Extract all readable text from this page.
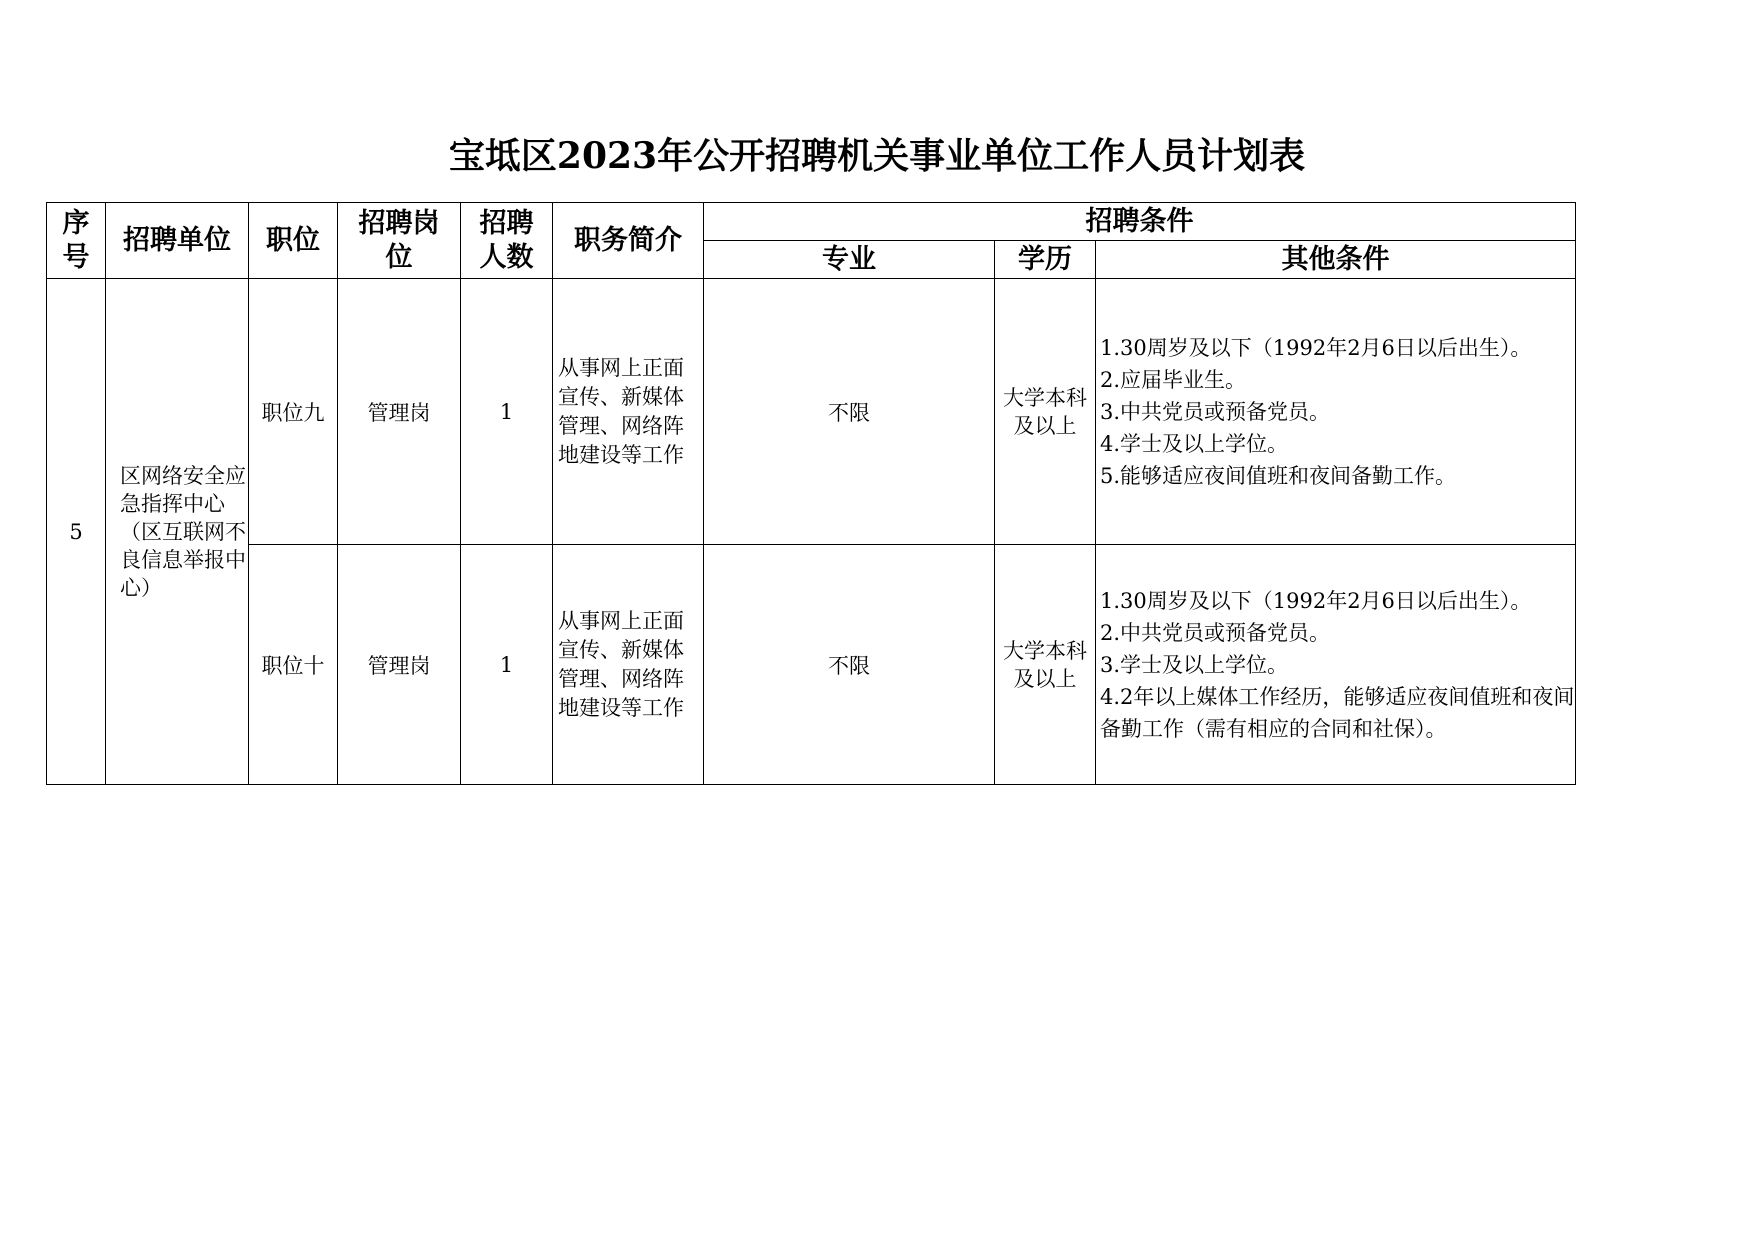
宝坻区2023年公开招聘机关事业单位工作人员计划表
序号	招聘单位	职位	招聘岗位	招聘人数	职务简介	招聘条件		
						专业	学历	其他条件
5	区网络安全应急指挥中心（区互联网不良信息举报中心）	职位九	管理岗	1	从事网上正面宣传、新媒体管理、网络阵地建设等工作	不限	大学本科及以上	1.30周岁及以下（1992年2月6日以后出生）。
2.应届毕业生。
3.中共党员或预备党员。
4.学士及以上学位。
5.能够适应夜间值班和夜间备勤工作。

		职位十	管理岗	1	从事网上正面宣传、新媒体管理、网络阵地建设等工作	不限	大学本科及以上	1.30周岁及以下（1992年2月6日以后出生）。
2.中共党员或预备党员。
3.学士及以上学位。
4.2年以上媒体工作经历，能够适应夜间值班和夜间备勤工作（需有相应的合同和社保）。
